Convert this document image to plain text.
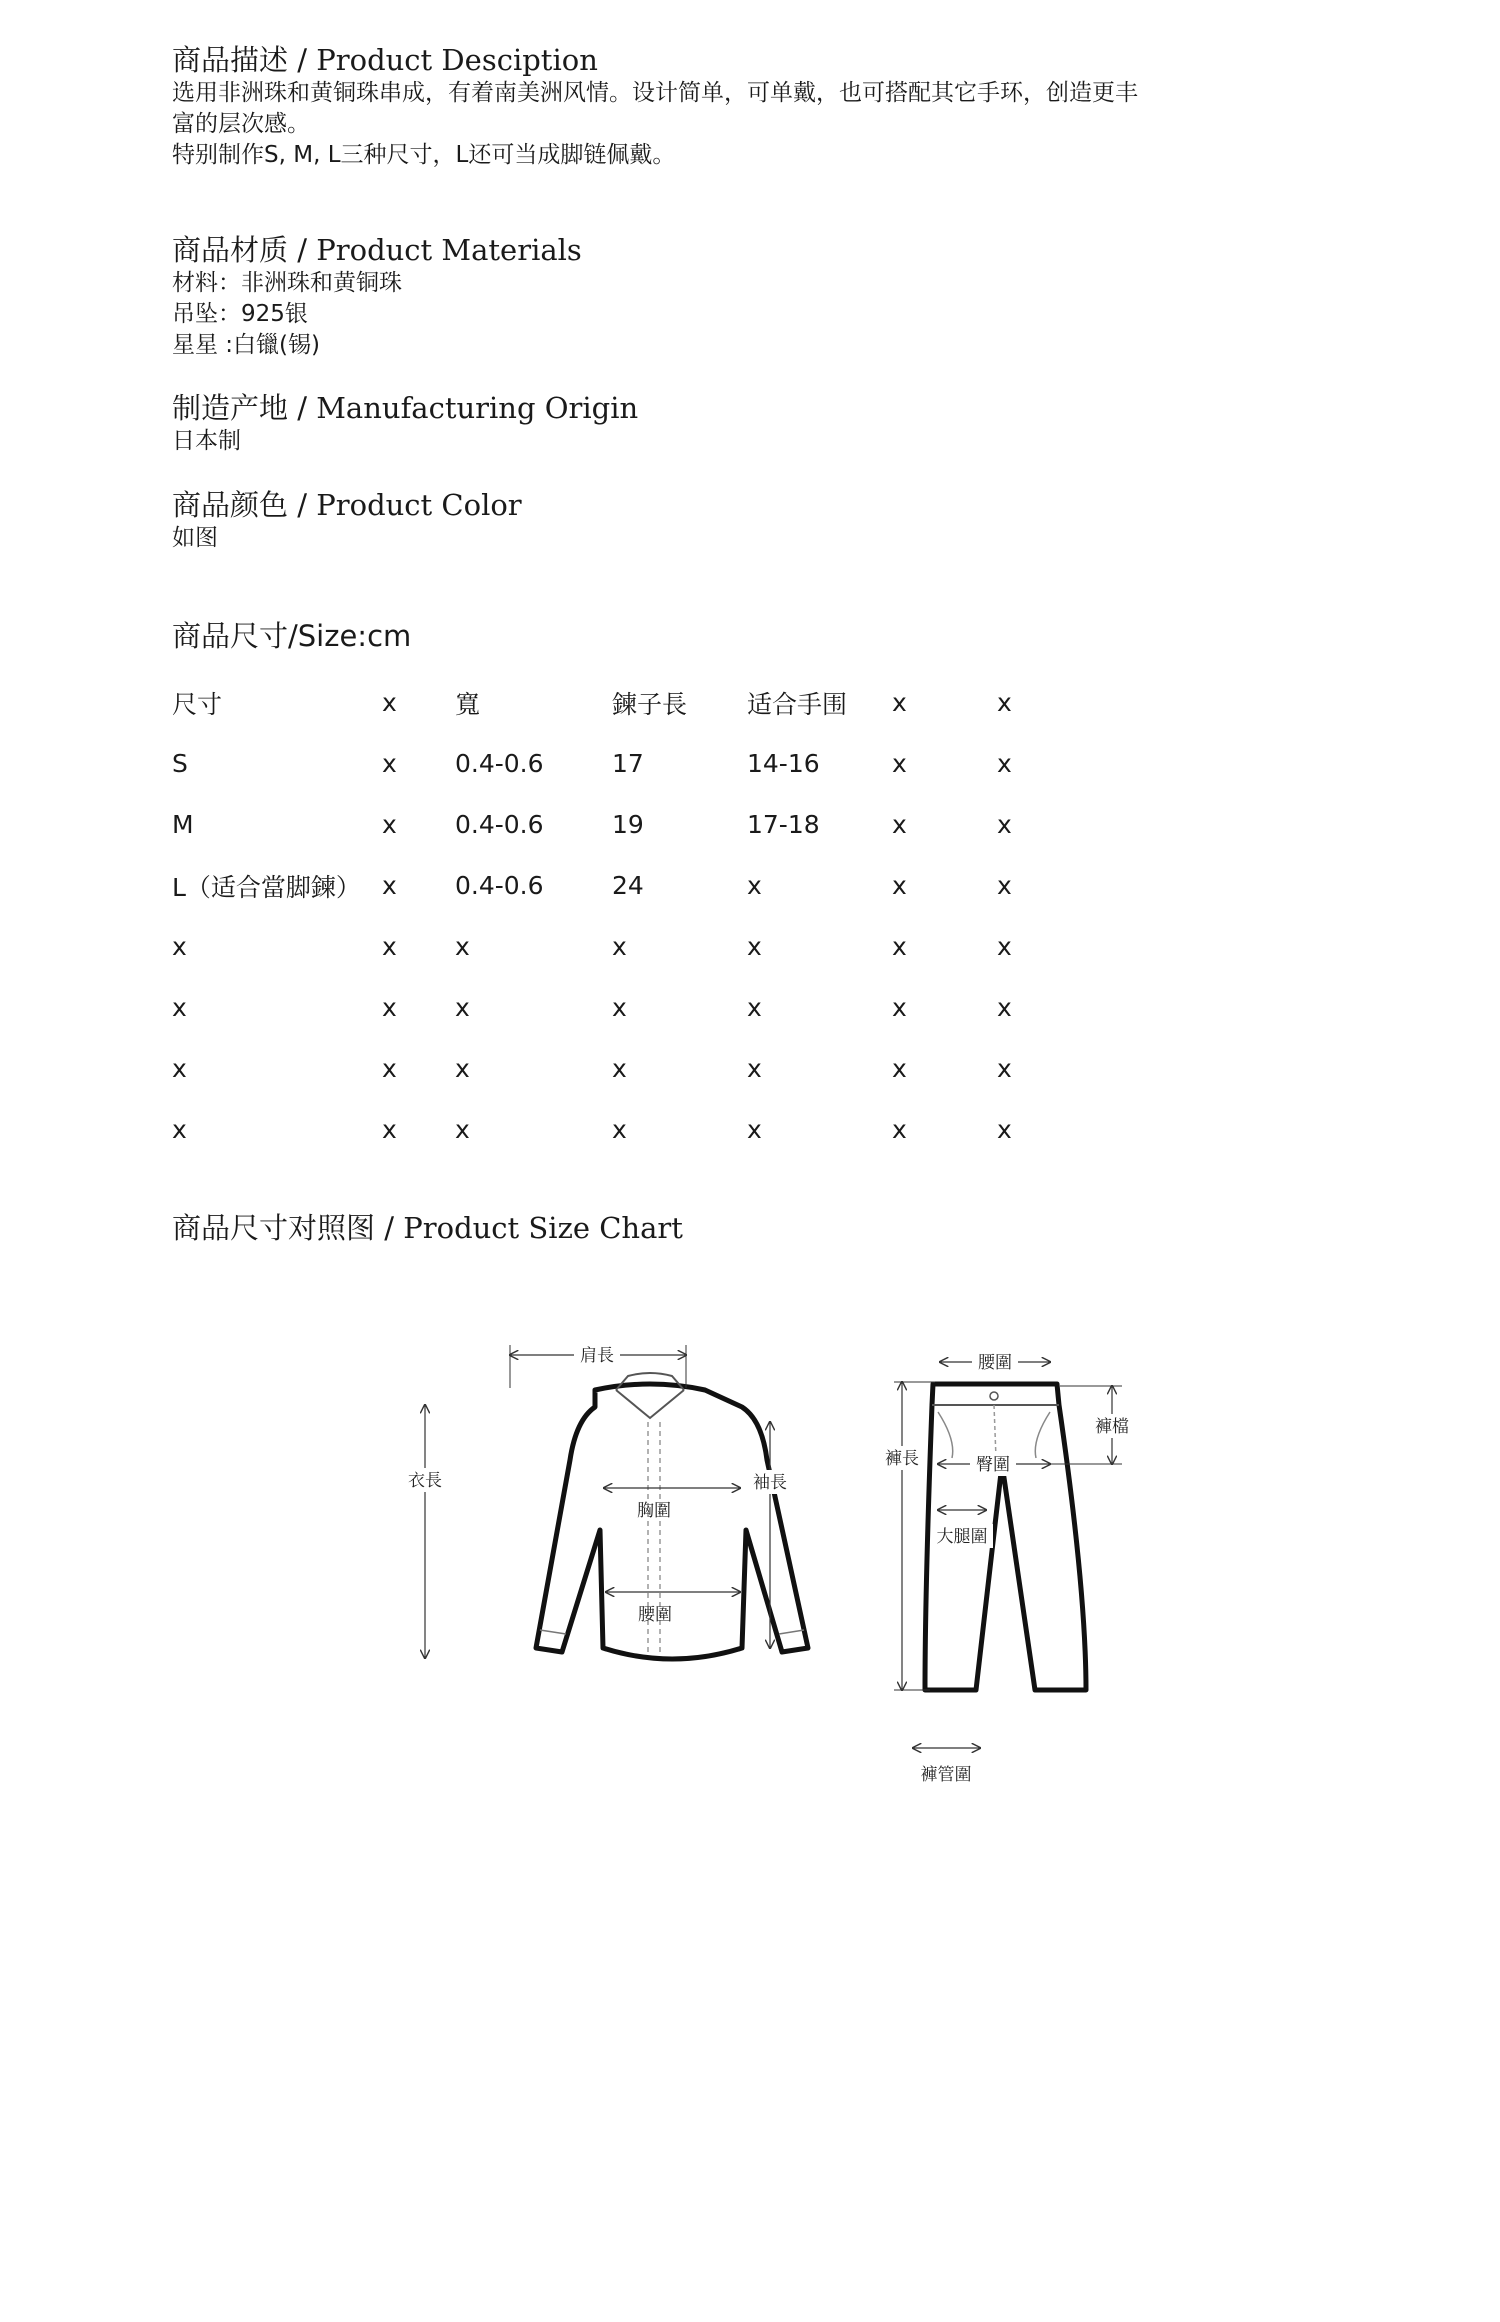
商品描述 / Product Desciption
选用非洲珠和黄铜珠串成，有着南美洲风情。设计简单，可单戴，也可搭配其它手环，创造更丰
富的层次感。
特别制作S, M, L三种尺寸，L还可当成脚链佩戴。
商品材质 / Product Materials
材料：非洲珠和黄铜珠
吊坠：925银
星星 :白镴(锡)
制造产地 / Manufacturing Origin
日本制
商品颜色 / Product Color
如图
商品尺寸/Size:cm
尺寸	x	寬	鍊子長	适合手围	x	x
S	x	0.4-0.6	17	14-16	x	x
M	x	0.4-0.6	19	17-18	x	x
L（适合當脚鍊）	x	0.4-0.6	24	x	x	x
x	x	x	x	x	x	x
x	x	x	x	x	x	x
x	x	x	x	x	x	x
x	x	x	x	x	x	x
商品尺寸对照图 / Product Size Chart
肩長
衣長	袖長
胸圍
腰圍
腰圍
褲長
褲檔
臀圍
大腿圍
褲管圍
